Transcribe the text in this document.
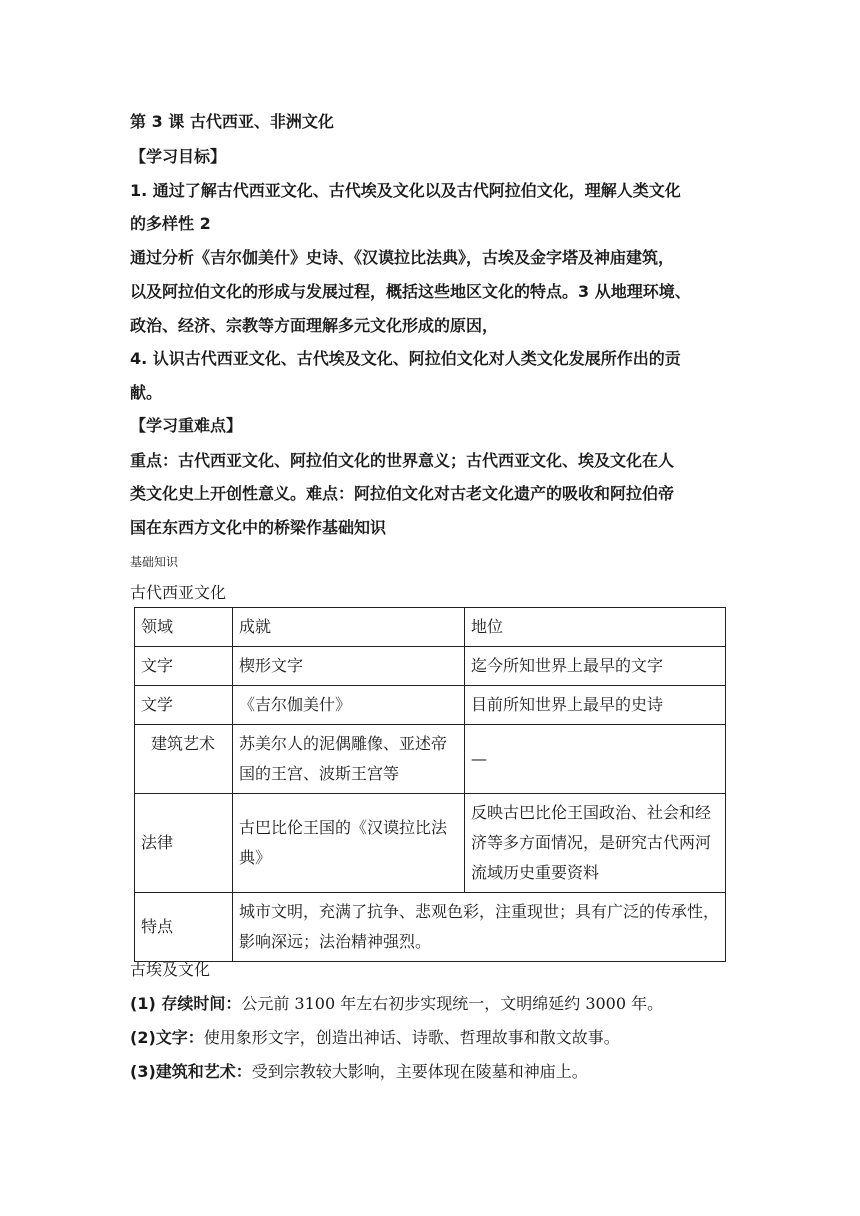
第 3 课 古代西亚、非洲文化
【学习目标】
1. 通过了解古代西亚文化、古代埃及文化以及古代阿拉伯文化，理解人类文化
的多样性 2
通过分析《吉尔伽美什》史诗、《汉谟拉比法典》，古埃及金字塔及神庙建筑，
以及阿拉伯文化的形成与发展过程，概括这些地区文化的特点。3 从地理环境、
政治、经济、宗教等方面理解多元文化形成的原因，
4. 认识古代西亚文化、古代埃及文化、阿拉伯文化对人类文化发展所作出的贡
献。
【学习重难点】
重点：古代西亚文化、阿拉伯文化的世界意义；古代西亚文化、埃及文化在人
类文化史上开创性意义。难点：阿拉伯文化对古老文化遗产的吸收和阿拉伯帝
国在东西方文化中的桥梁作基础知识
基础知识
古代西亚文化
领域	成就	地位
文字	楔形文字	迄今所知世界上最早的文字
文学	《吉尔伽美什》	目前所知世界上最早的史诗
建筑艺术	苏美尔人的泥偶雕像、亚述帝国的王宫、波斯王宫等	—
法律	古巴比伦王国的《汉谟拉比法典》	反映古巴比伦王国政治、社会和经济等多方面情况，是研究古代两河流域历史重要资料
特点	城市文明，充满了抗争、悲观色彩，注重现世；具有广泛的传承性，影响深远；法治精神强烈。	
古埃及文化
(1) 存续时间：公元前 3100 年左右初步实现统一，文明绵延约 3000 年。
(2)文字：使用象形文字，创造出神话、诗歌、哲理故事和散文故事。
(3)建筑和艺术：受到宗教较大影响，主要体现在陵墓和神庙上。
